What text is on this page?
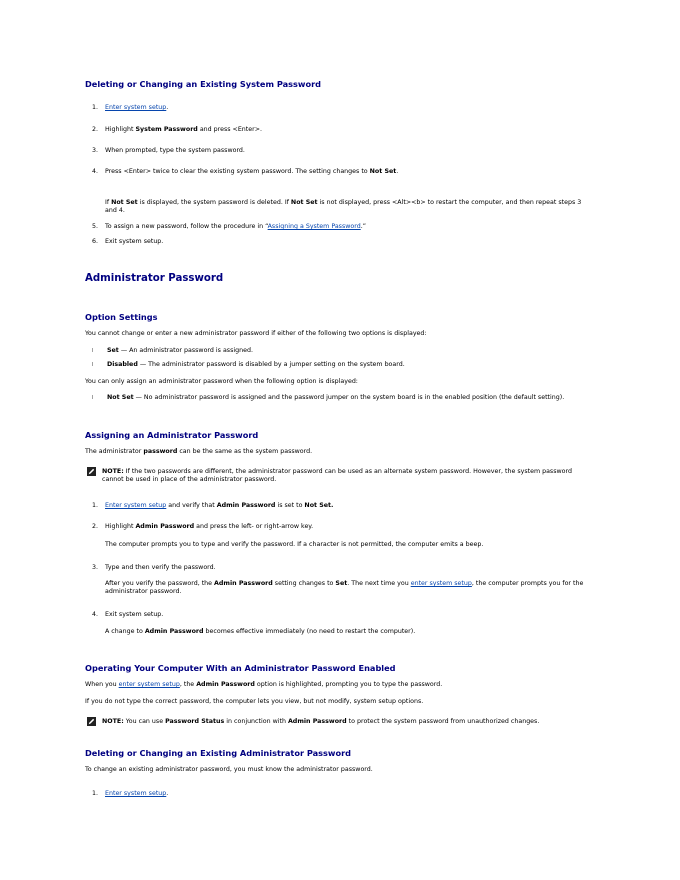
Deleting or Changing an Existing System Password
1. Enter system setup.
2. Highlight System Password and press <Enter>.
3. When prompted, type the system password.
4. Press <Enter> twice to clear the existing system password. The setting changes to Not Set.
If Not Set is displayed, the system password is deleted. If Not Set is not displayed, press <Alt><b> to restart the computer, and then repeat steps 3
and 4.
5. To assign a new password, follow the procedure in “Assigning a System Password.”
6. Exit system setup.
Administrator Password
Option Settings
You cannot change or enter a new administrator password if either of the following two options is displayed:
l Set — An administrator password is assigned.
l Disabled — The administrator password is disabled by a jumper setting on the system board.
You can only assign an administrator password when the following option is displayed:
l Not Set — No administrator password is assigned and the password jumper on the system board is in the enabled position (the default setting).
Assigning an Administrator Password
The administrator password can be the same as the system password.
NOTE: If the two passwords are different, the administrator password can be used as an alternate system password. However, the system password
cannot be used in place of the administrator password.
1. Enter system setup and verify that Admin Password is set to Not Set.
2. Highlight Admin Password and press the left- or right-arrow key.
The computer prompts you to type and verify the password. If a character is not permitted, the computer emits a beep.
3. Type and then verify the password.
After you verify the password, the Admin Password setting changes to Set. The next time you enter system setup, the computer prompts you for the
administrator password.
4. Exit system setup.
A change to Admin Password becomes effective immediately (no need to restart the computer).
Operating Your Computer With an Administrator Password Enabled
When you enter system setup, the Admin Password option is highlighted, prompting you to type the password.
If you do not type the correct password, the computer lets you view, but not modify, system setup options.
NOTE: You can use Password Status in conjunction with Admin Password to protect the system password from unauthorized changes.
Deleting or Changing an Existing Administrator Password
To change an existing administrator password, you must know the administrator password.
1. Enter system setup.
